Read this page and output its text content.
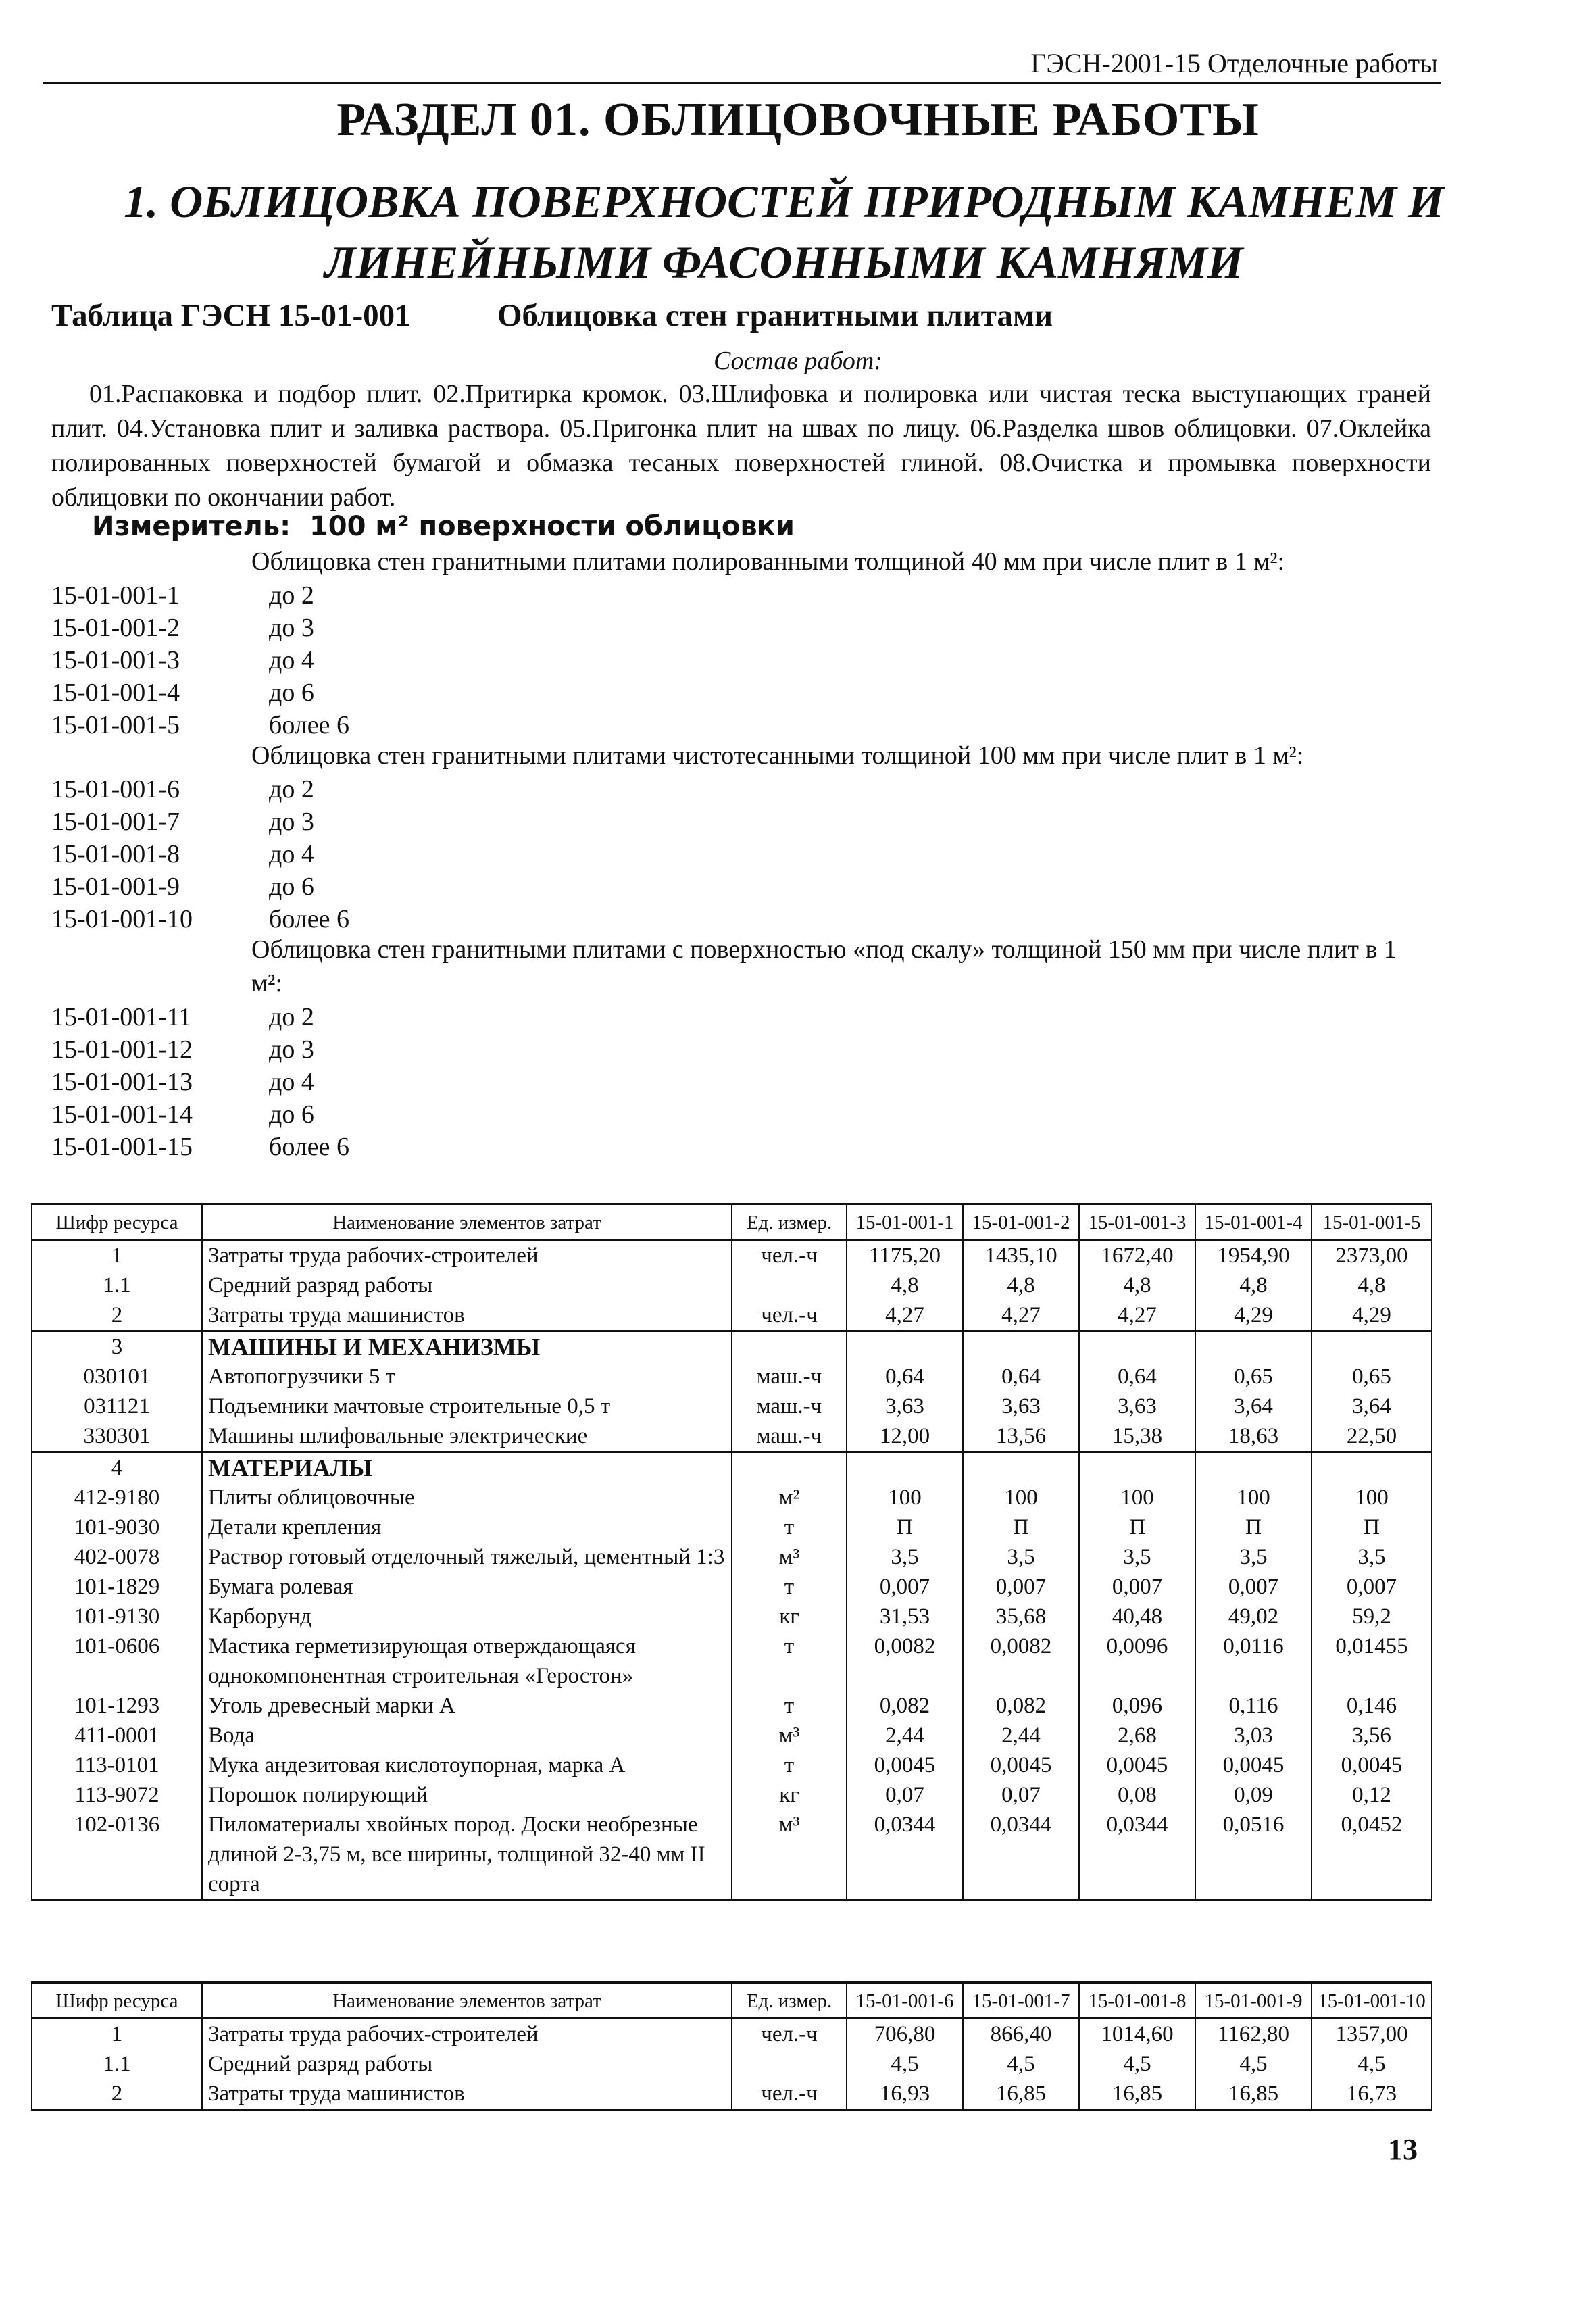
ГЭСН-2001-15 Отделочные работы
РАЗДЕЛ 01. ОБЛИЦОВОЧНЫЕ РАБОТЫ
1. ОБЛИЦОВКА ПОВЕРХНОСТЕЙ ПРИРОДНЫМ КАМНЕМ И
ЛИНЕЙНЫМИ ФАСОННЫМИ КАМНЯМИ
Таблица ГЭСН 15-01-001	Облицовка стен гранитными плитами
Состав работ:
01.Распаковка и подбор плит. 02.Притирка кромок. 03.Шлифовка и полировка или чистая теска выступающих граней плит. 04.Установка плит и заливка раствора. 05.Пригонка плит на швах по лицу. 06.Разделка швов облицовки. 07.Оклейка полированных поверхностей бумагой и обмазка тесаных поверхностей глиной. 08.Очистка и промывка поверхности облицовки по окончании работ.
Измеритель: 100 м² поверхности облицовки
Облицовка стен гранитными плитами полированными толщиной 40 мм при числе плит в 1 м²:
15-01-001-1	до 2
15-01-001-2	до 3
15-01-001-3	до 4
15-01-001-4	до 6
15-01-001-5	более 6
Облицовка стен гранитными плитами чистотесанными толщиной 100 мм при числе плит в 1 м²:
15-01-001-6	до 2
15-01-001-7	до 3
15-01-001-8	до 4
15-01-001-9	до 6
15-01-001-10	более 6
Облицовка стен гранитными плитами с поверхностью «под скалу» толщиной 150 мм при числе плит в 1 м²:
15-01-001-11	до 2
15-01-001-12	до 3
15-01-001-13	до 4
15-01-001-14	до 6
15-01-001-15	более 6
Шифр ресурса	Наименование элементов затрат	Ед. измер.	15-01-001-1	15-01-001-2	15-01-001-3	15-01-001-4	15-01-001-5
1	Затраты труда рабочих-строителей	чел.-ч	1175,20	1435,10	1672,40	1954,90	2373,00
1.1	Средний разряд работы		4,8	4,8	4,8	4,8	4,8
2	Затраты труда машинистов	чел.-ч	4,27	4,27	4,27	4,29	4,29
3	МАШИНЫ И МЕХАНИЗМЫ						
030101	Автопогрузчики 5 т	маш.-ч	0,64	0,64	0,64	0,65	0,65
031121	Подъемники мачтовые строительные 0,5 т	маш.-ч	3,63	3,63	3,63	3,64	3,64
330301	Машины шлифовальные электрические	маш.-ч	12,00	13,56	15,38	18,63	22,50
4	МАТЕРИАЛЫ						
412-9180	Плиты облицовочные	м²	100	100	100	100	100
101-9030	Детали крепления	т	П	П	П	П	П
402-0078	Раствор готовый отделочный тяжелый, цементный 1:3	м³	3,5	3,5	3,5	3,5	3,5
101-1829	Бумага ролевая	т	0,007	0,007	0,007	0,007	0,007
101-9130	Карборунд	кг	31,53	35,68	40,48	49,02	59,2
101-0606	Мастика герметизирующая отверждающаяся однокомпонентная строительная «Геростон»	т	0,0082	0,0082	0,0096	0,0116	0,01455
101-1293	Уголь древесный марки А	т	0,082	0,082	0,096	0,116	0,146
411-0001	Вода	м³	2,44	2,44	2,68	3,03	3,56
113-0101	Мука андезитовая кислотоупорная, марка А	т	0,0045	0,0045	0,0045	0,0045	0,0045
113-9072	Порошок полирующий	кг	0,07	0,07	0,08	0,09	0,12
102-0136	Пиломатериалы хвойных пород. Доски необрезные длиной 2-3,75 м, все ширины, толщиной 32-40 мм II сорта	м³	0,0344	0,0344	0,0344	0,0516	0,0452
Шифр ресурса	Наименование элементов затрат	Ед. измер.	15-01-001-6	15-01-001-7	15-01-001-8	15-01-001-9	15-01-001-10
1	Затраты труда рабочих-строителей	чел.-ч	706,80	866,40	1014,60	1162,80	1357,00
1.1	Средний разряд работы		4,5	4,5	4,5	4,5	4,5
2	Затраты труда машинистов	чел.-ч	16,93	16,85	16,85	16,85	16,73
13
